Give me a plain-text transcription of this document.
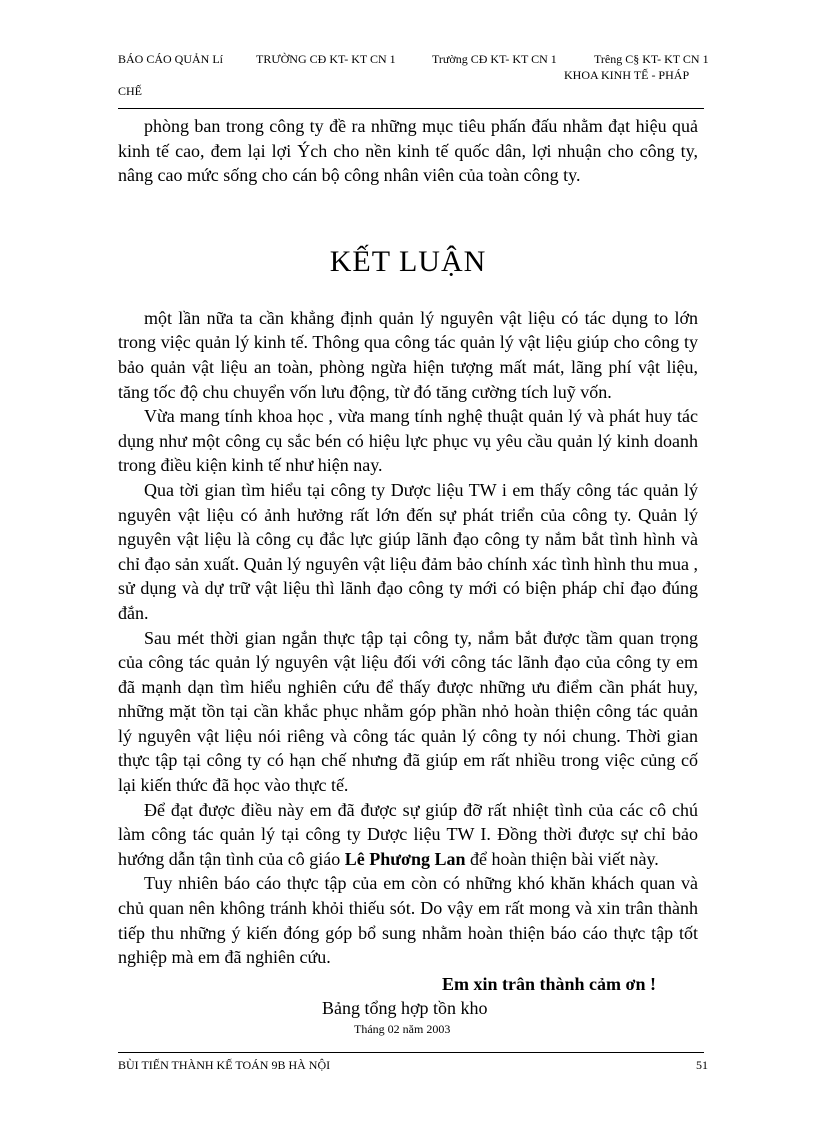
BÁO CÁO QUẢN Lí	TRƯỜNG CĐ KT- KT CN 1	Trường CĐ KT- KT CN 1	Trêng C§ KT- KT CN 1
KHOA KINH TẾ - PHÁP
CHẾ

phòng ban trong công ty đề ra những mục tiêu phấn đấu nhằm đạt hiệu quả kinh tế cao, đem lại lợi Ých cho nền kinh tế quốc dân, lợi nhuận cho công ty, nâng cao mức sống cho cán bộ công nhân viên của toàn công ty.

KẾT LUẬN

một lần nữa ta cần khẳng định quản lý nguyên vật liệu có tác dụng to lớn trong việc quản lý kinh tế. Thông qua công tác quản lý vật liệu giúp cho công ty bảo quản vật liệu an toàn, phòng ngừa hiện tượng mất mát, lãng phí vật liệu, tăng tốc độ chu chuyển vốn lưu động, từ đó tăng cường tích luỹ vốn.

Vừa mang tính khoa học , vừa mang tính nghệ thuật quản lý và phát huy tác dụng như một công cụ sắc bén có hiệu lực phục vụ yêu cầu quản lý kinh doanh trong điều kiện kinh tế như hiện nay.

Qua tời gian tìm hiểu tại công ty Dược liệu TW i em thấy công tác quản lý nguyên vật liệu có ảnh hưởng rất lớn đến sự phát triển của công ty. Quản lý nguyên vật liệu là công cụ đắc lực giúp lãnh đạo công ty nắm bắt tình hình và chỉ đạo sản xuất. Quản lý nguyên vật liệu đảm bảo chính xác tình hình thu mua , sử dụng và dự trữ vật liệu thì lãnh đạo công ty mới có biện pháp chỉ đạo đúng đắn.

Sau mét thời gian ngắn thực tập tại công ty, nắm bắt được tầm quan trọng của công tác quản lý nguyên vật liệu đối với công tác lãnh đạo của công ty em đã mạnh dạn tìm hiểu nghiên cứu để thấy được những ưu điểm cần phát huy, những mặt tồn tại cần khắc phục nhằm góp phần nhỏ hoàn thiện công tác quản lý nguyên vật liệu nói riêng và công tác quản lý công ty nói chung. Thời gian thực tập tại công ty có hạn chế nhưng đã giúp em rất nhiều trong việc củng cố lại kiến thức đã học vào thực tế.

Để đạt được điều này em đã được sự giúp đỡ rất nhiệt tình của các cô chú làm công tác quản lý tại công ty Dược liệu TW I. Đồng thời được sự chỉ bảo hướng dẫn tận tình của cô giáo Lê Phương Lan để hoàn thiện bài viết này.

Tuy nhiên báo cáo thực tập của em còn có những khó khăn khách quan và chủ quan nên không tránh khỏi thiếu sót. Do vậy em rất mong và xin trân thành tiếp thu những ý kiến đóng góp bổ sung nhằm hoàn thiện báo cáo thực tập tốt nghiệp mà em đã nghiên cứu.

Em xin trân thành cảm ơn !

Bảng tổng hợp tồn kho

Tháng 02 năm 2003

BÙI TIẾN THÀNH KẾ TOÁN 9B HÀ NỘI	51
